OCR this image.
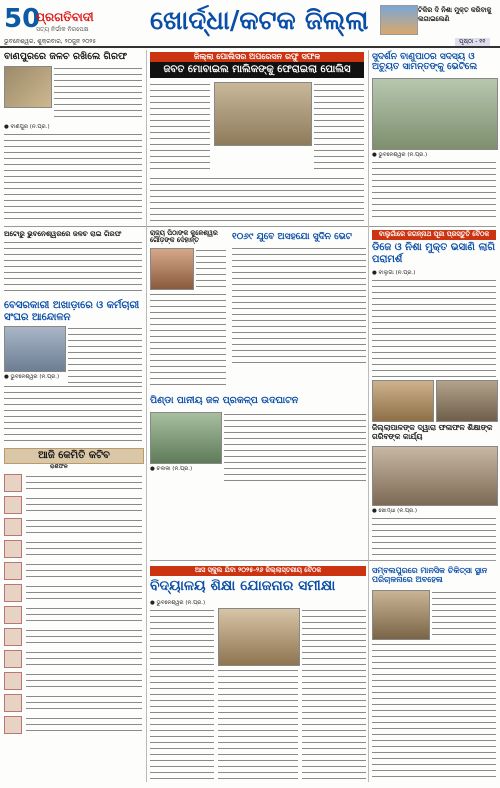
50
ପ୍ରଗତିବାଦୀ
ସତ୍ୟ ନିର୍ଭୀକ ନିରପେକ୍ଷ
ଭୁବନେଶ୍ୱର, ଶୁକ୍ରବାର, ୨୦ଜୁନ ୨୦୨୫
ଖୋର୍ଦ୍ଧା/କଟକ ଜିଲ୍ଲା	ଟିକିର ଦି ନିଶା ମୁକ୍ତ କରିବାକୁ ଲଗାଇଲେଣି
ପୃଷ୍ଠା - ୧୧
ବାଣପୁରରେ ଜଳଚ ରଖିଲେ ଗିରଫ
● ବାଣପୁର (ନି.ପ୍ର.)
ଜିଲ୍ଲା ପୋଲିସର ଅପରେସନ ରଫୁ ସଫଳ
ଜବତ ମୋବାଇଲ ମାଲିକଙ୍କୁ ଫେରାଇଲା ପୋଲିସ
ସୁଦର୍ଶନ ବାଣୁପାଠର ସଦସ୍ୟ ଓ ଅଚ୍ୟୁତ ସାମନ୍ତଙ୍କୁ ଭେଟିଲେ
● ଭୁବନେଶ୍ୱର (ନି.ପ୍ର.)
ଅଟୋରୁ ଭୁବନେଶ୍ୱରରେ ଜଳଚ ରାଇ ଗିରଫ
ବେସରକାରୀ ଅଖାଡ଼ାରେ ଓ କର୍ମଚାରୀ ସଂଘର ଆନ୍ଦୋଳନ
● ଭୁବନେଶ୍ୱର (ନି.ପ୍ର.)
ରାଜ୍ୟ ପିଠାଙ୍କ କୁଳେଶ୍ୱର ଗୌଡ଼ଙ୍କ ଦେହାନ୍ତ	୧୦୬୯ ଯୁବେ ଅସହଯୋ ସୁଦିନ ଭେଟ	ବାଲୁଗାଁରେ ଜଗନ୍ନାଥ ପୂଜା ପ୍ରସ୍ତୁତି ବୈଠକ
ଡିଜେ ଓ ନିଶା ମୁକ୍ତ ଭସାଣି ଲାଗି ପରାମର୍ଶ
● ବାଲୁଗାଁ (ନି.ପ୍ର.)
ପିଣ୍ଡା ପାନୀୟ ଜଳ ପ୍ରକଳ୍ପ ଉଦଘାଟନ
● ଚିଲିକା (ନି.ପ୍ର.)
ଜିଲ୍ଲାପାଳଙ୍କ ଦ୍ୱାରା ଫଳାଫଳ ଶିକ୍ଷାଙ୍କ ଗରିବଙ୍କ କାର୍ଯ୍ୟ
● ଖୋର୍ଦ୍ଧା (ନି.ପ୍ର.)
ଆଜି କେମିତି କଟିବ
ରାଶିଫଳ
ଆସ ସ୍କୁଲ ଯିବା ୨୦୨୫-୨୬ ଜିଲ୍ଲାସ୍ତରୀୟ ବୈଠକ
ବିଦ୍ୟାଳୟ ଶିକ୍ଷା ଯୋଜନାର ସମୀକ୍ଷା
● ଭୁବନେଶ୍ୱର (ନି.ପ୍ର.)
ସମ୍ବଲପୁରରେ ମାନସିକ ଚିକିତ୍ସା ସ୍ଥାନ ପରିଚାଳନାରେ ଅବହେଳା
